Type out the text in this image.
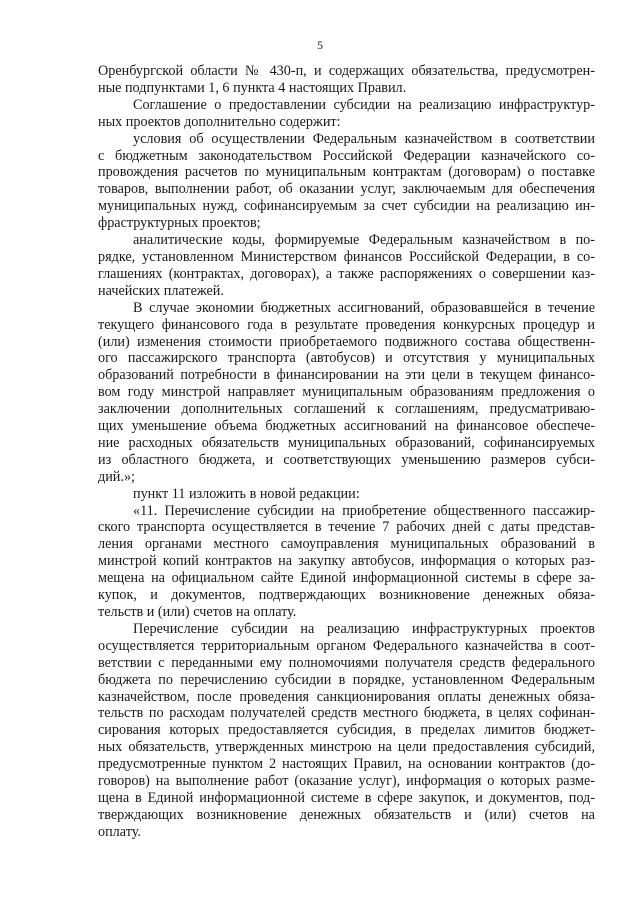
5
Оренбургской области № 430-п, и содержащих обязательства, предусмотрен-
ные подпунктами 1, 6 пункта 4 настоящих Правил.
Соглашение о предоставлении субсидии на реализацию инфраструктур-
ных проектов дополнительно содержит:
условия об осуществлении Федеральным казначейством в соответствии
с бюджетным законодательством Российской Федерации казначейского со-
провождения расчетов по муниципальным контрактам (договорам) о поставке
товаров, выполнении работ, об оказании услуг, заключаемым для обеспечения
муниципальных нужд, софинансируемым за счет субсидии на реализацию ин-
фраструктурных проектов;
аналитические коды, формируемые Федеральным казначейством в по-
рядке, установленном Министерством финансов Российской Федерации, в со-
глашениях (контрактах, договорах), а также распоряжениях о совершении каз-
начейских платежей.
В случае экономии бюджетных ассигнований, образовавшейся в течение
текущего финансового года в результате проведения конкурсных процедур и
(или) изменения стоимости приобретаемого подвижного состава общественн-
ого пассажирского транспорта (автобусов) и отсутствия у муниципальных
образований потребности в финансировании на эти цели в текущем финансо-
вом году минстрой направляет муниципальным образованиям предложения о
заключении дополнительных соглашений к соглашениям, предусматриваю-
щих уменьшение объема бюджетных ассигнований на финансовое обеспече-
ние расходных обязательств муниципальных образований, софинансируемых
из областного бюджета, и соответствующих уменьшению размеров субси-
дий.»;
пункт 11 изложить в новой редакции:
«11. Перечисление субсидии на приобретение общественного пассажир-
ского транспорта осуществляется в течение 7 рабочих дней с даты представ-
ления органами местного самоуправления муниципальных образований в
минстрой копий контрактов на закупку автобусов, информация о которых раз-
мещена на официальном сайте Единой информационной системы в сфере за-
купок, и документов, подтверждающих возникновение денежных обяза-
тельств и (или) счетов на оплату.
Перечисление субсидии на реализацию инфраструктурных проектов
осуществляется территориальным органом Федерального казначейства в соот-
ветствии с переданными ему полномочиями получателя средств федерального
бюджета по перечислению субсидии в порядке, установленном Федеральным
казначейством, после проведения санкционирования оплаты денежных обяза-
тельств по расходам получателей средств местного бюджета, в целях софинан-
сирования которых предоставляется субсидия, в пределах лимитов бюджет-
ных обязательств, утвержденных минстрою на цели предоставления субсидий,
предусмотренные пунктом 2 настоящих Правил, на основании контрактов (до-
говоров) на выполнение работ (оказание услуг), информация о которых разме-
щена в Единой информационной системе в сфере закупок, и документов, под-
тверждающих возникновение денежных обязательств и (или) счетов на
оплату.
